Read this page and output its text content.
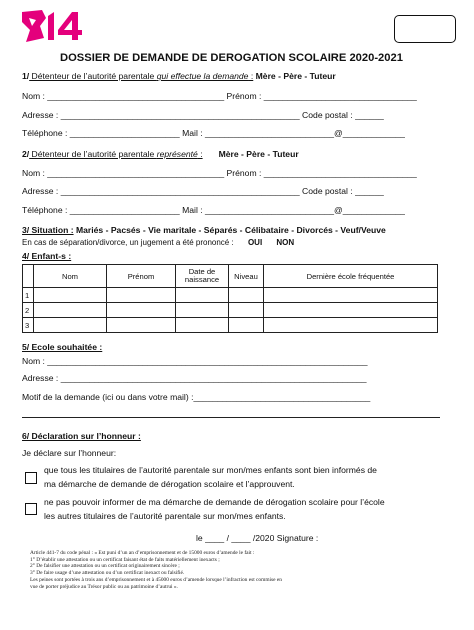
DOSSIER DE DEMANDE DE DEROGATION SCOLAIRE 2020-2021
1/ Détenteur de l’autorité parentale qui effectue la demande : Mère - Père - Tuteur
Nom : _____________________________________ Prénom : ________________________________
Adresse : __________________________________________________ Code postal : ______
Téléphone : _______________________ Mail : ___________________________@_____________
2/ Détenteur de l’autorité parentale représenté : Mère - Père - Tuteur
Nom : _____________________________________ Prénom : ________________________________
Adresse : __________________________________________________ Code postal : ______
Téléphone : _______________________ Mail : ___________________________@_____________
3/ Situation : Mariés - Pacsés - Vie maritale - Séparés - Célibataire - Divorcés - Veuf/Veuve
En cas de séparation/divorce, un jugement a été prononcé : OUI NON
4/ Enfant-s :
	Nom	Prénom	Date de naissance	Niveau	Dernière école fréquentée
1					
2					
3					
5/ Ecole souhaitée :
Nom : ___________________________________________________________________
Adresse : ________________________________________________________________
Motif de la demande (ici ou dans votre mail) :_____________________________________
6/ Déclaration sur l’honneur :
Je déclare sur l’honneur:
que tous les titulaires de l’autorité parentale sur mon/mes enfants sont bien informés de
ma démarche de demande de dérogation scolaire et l’approuvent.
ne pas pouvoir informer de ma démarche de demande de dérogation scolaire pour l’école
les autres titulaires de l’autorité parentale sur mon/mes enfants.
le ____ / ____ /2020 Signature :
Article 441-7 du code pénal : « Est puni d’un an d’emprisonnement et de 15000 euros d’amende le fait :
1° D’établir une attestation ou un certificat faisant état de faits matériellement inexacts ;
2° De falsifier une attestation ou un certificat originairement sincère ;
3° De faire usage d’une attestation ou d’un certificat inexact ou falsifié.
Les peines sont portées à trois ans d’emprisonnement et à 45000 euros d’amende lorsque l’infraction est commise en
vue de porter préjudice au Trésor public ou au patrimoine d’autrui ».
